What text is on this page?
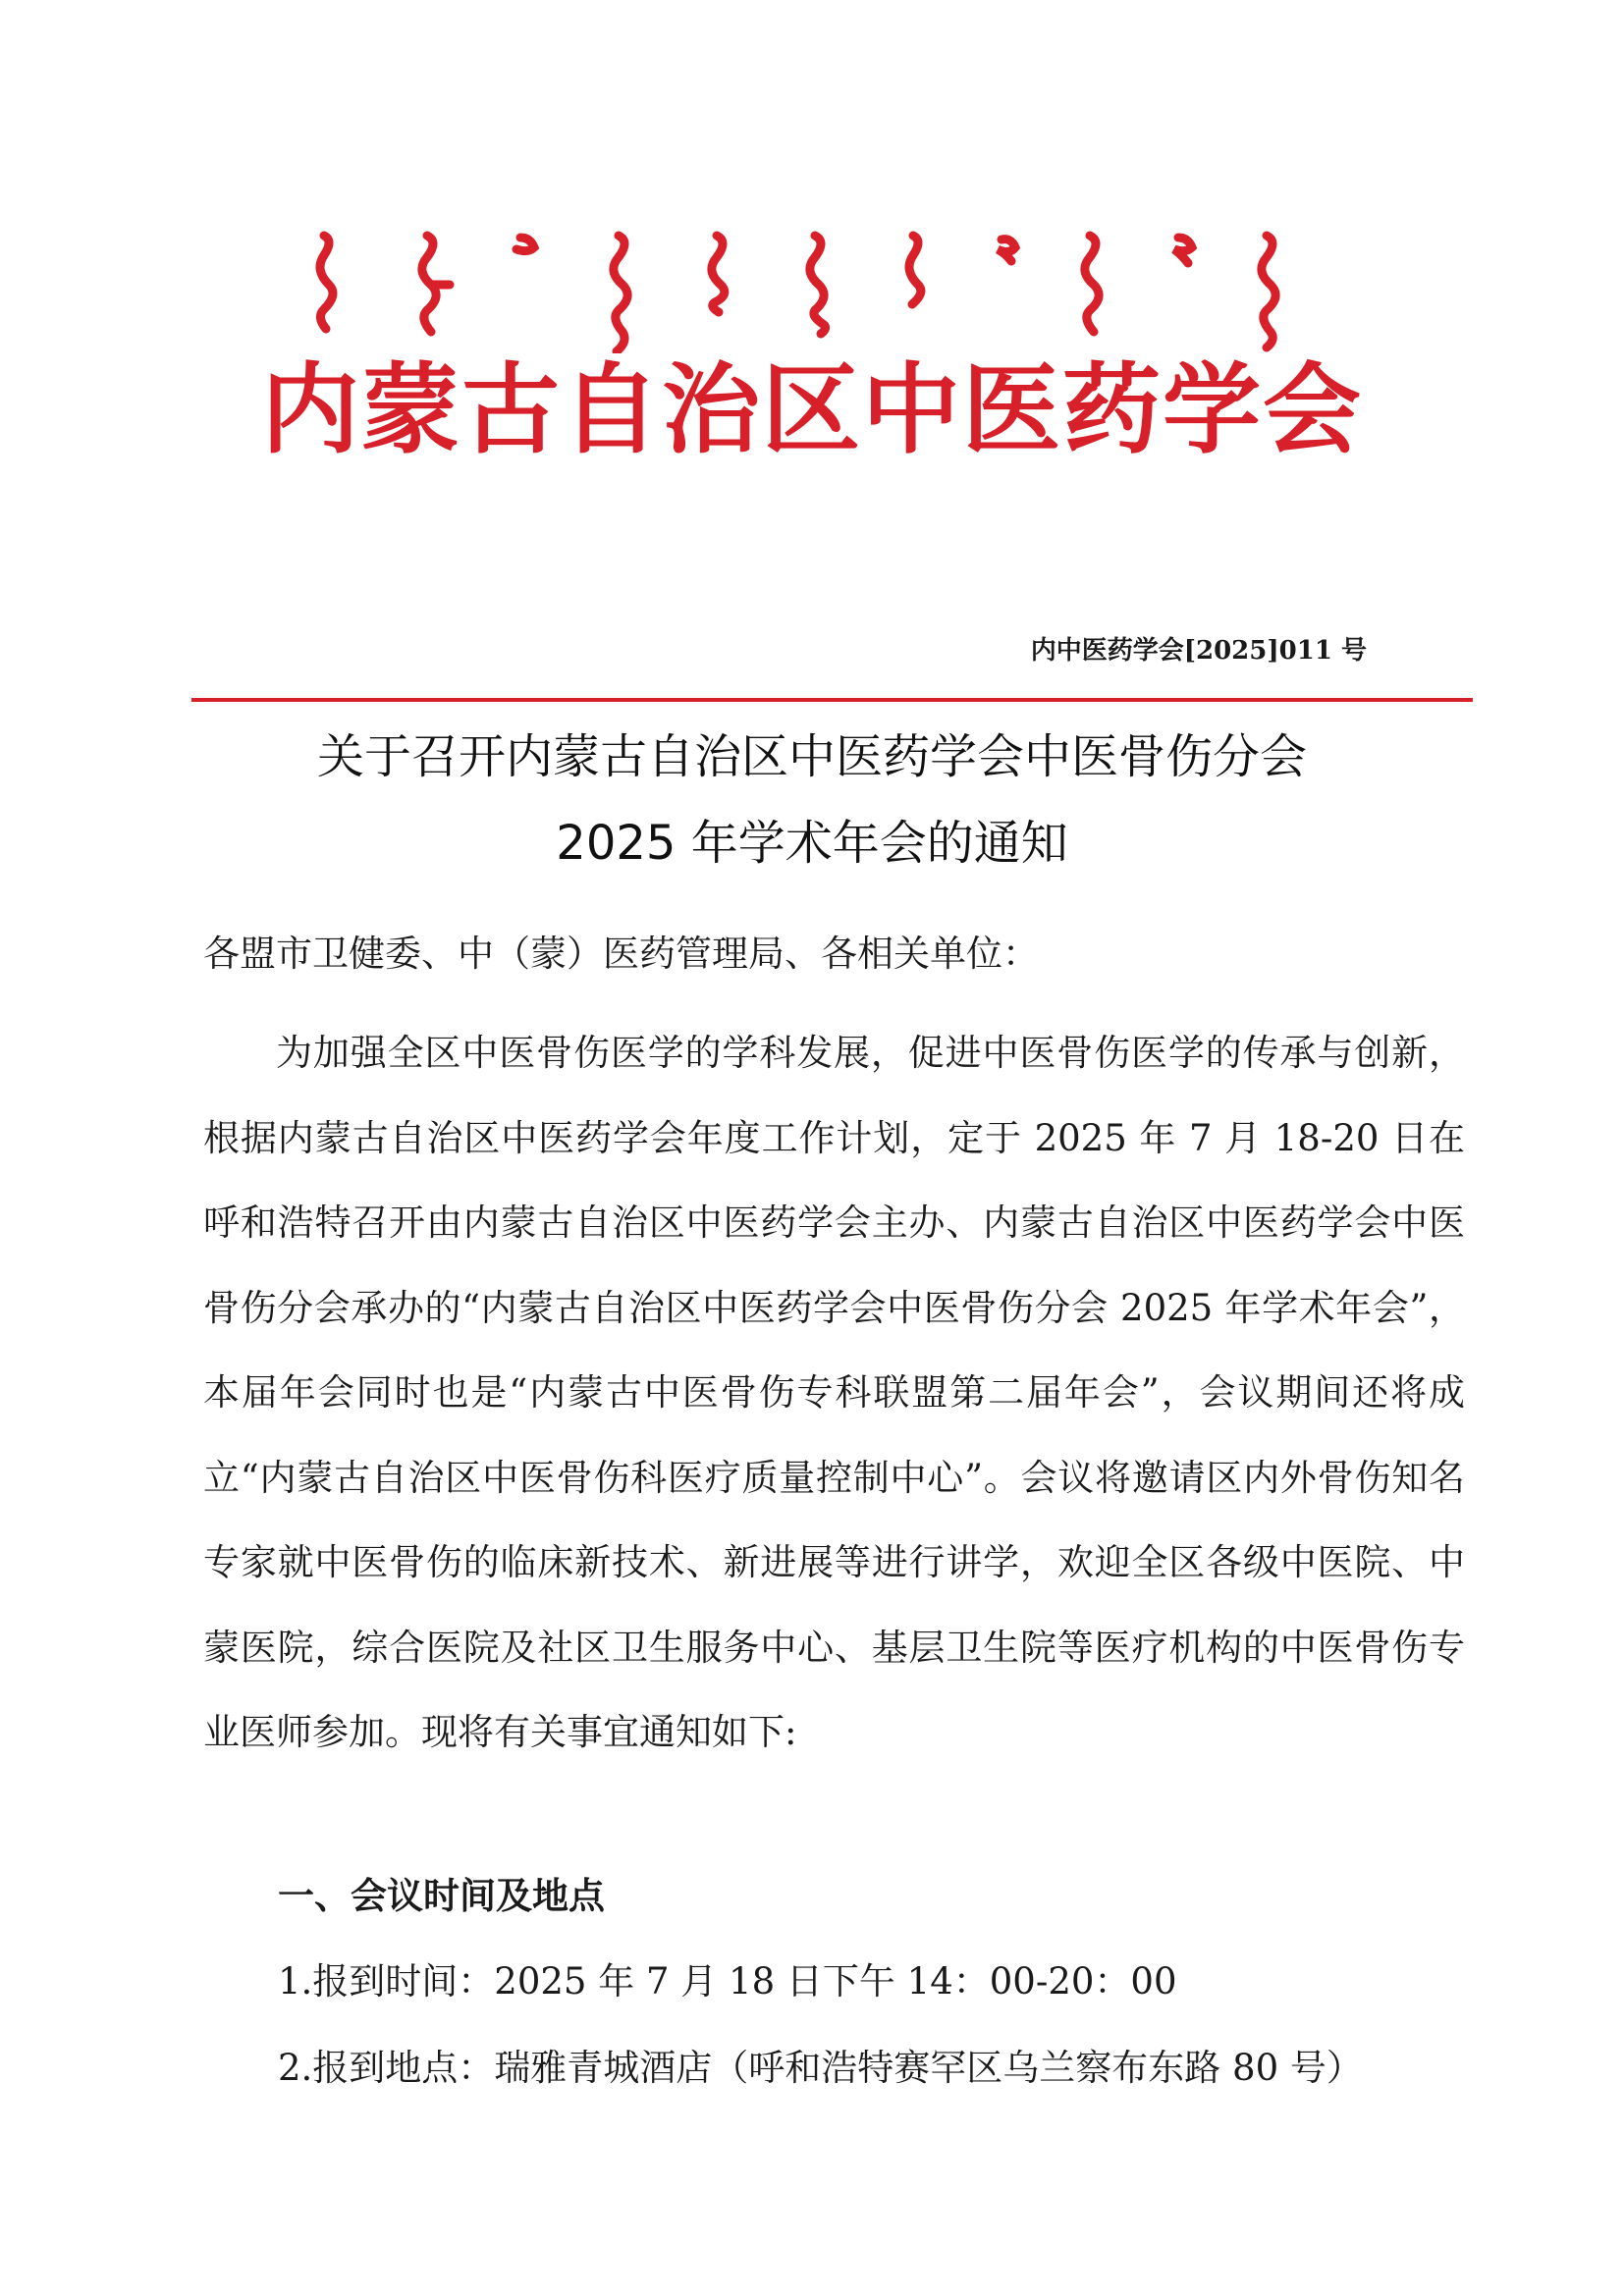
内蒙古自治区中医药学会
内中医药学会[2025]011 号
关于召开内蒙古自治区中医药学会中医骨伤分会
2025 年学术年会的通知
各盟市卫健委、中（蒙）医药管理局、各相关单位：

为加强全区中医骨伤医学的学科发展，促进中医骨伤医学的传承与创新，根据内蒙古自治区中医药学会年度工作计划，定于 2025 年 7 月 18-20 日在呼和浩特召开由内蒙古自治区中医药学会主办、内蒙古自治区中医药学会中医骨伤分会承办的“内蒙古自治区中医药学会中医骨伤分会 2025 年学术年会”，本届年会同时也是“内蒙古中医骨伤专科联盟第二届年会”，会议期间还将成立“内蒙古自治区中医骨伤科医疗质量控制中心”。会议将邀请区内外骨伤知名专家就中医骨伤的临床新技术、新进展等进行讲学，欢迎全区各级中医院、中蒙医院，综合医院及社区卫生服务中心、基层卫生院等医疗机构的中医骨伤专业医师参加。现将有关事宜通知如下:

一、会议时间及地点
1.报到时间：2025 年 7 月 18 日下午 14：00-20：00
2.报到地点：瑞雅青城酒店（呼和浩特赛罕区乌兰察布东路 80 号）
